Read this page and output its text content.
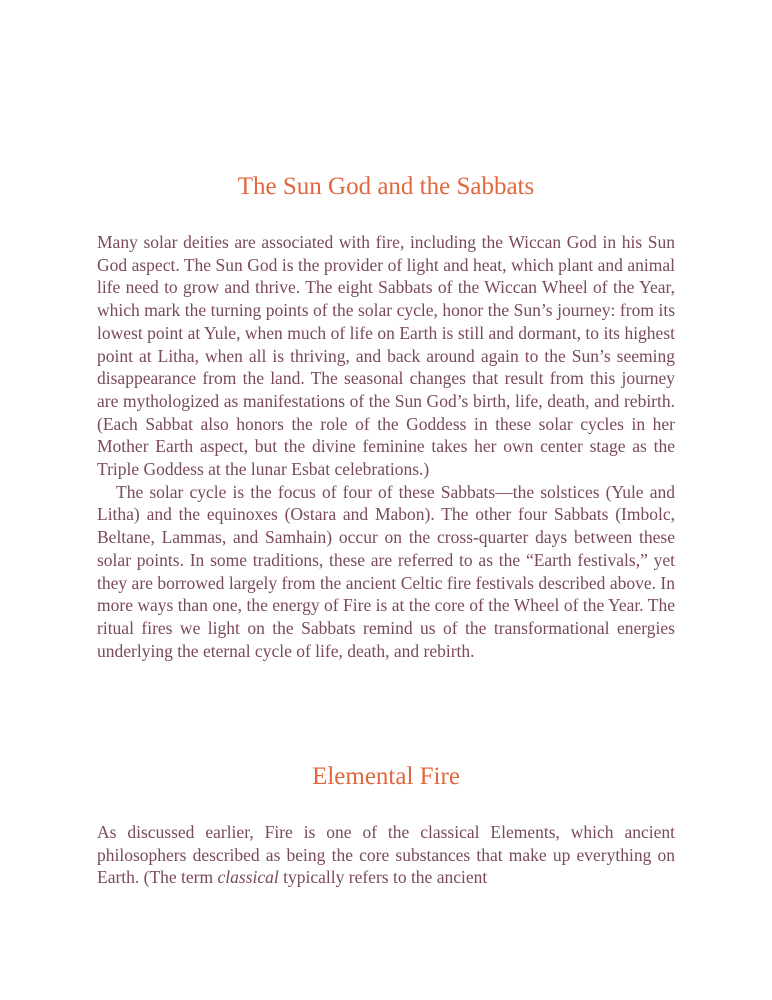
The Sun God and the Sabbats

Many solar deities are associated with fire, including the Wiccan God in his Sun God aspect. The Sun God is the provider of light and heat, which plant and animal life need to grow and thrive. The eight Sabbats of the Wiccan Wheel of the Year, which mark the turning points of the solar cycle, honor the Sun’s journey: from its lowest point at Yule, when much of life on Earth is still and dormant, to its highest point at Litha, when all is thriving, and back around again to the Sun’s seeming disappearance from the land. The seasonal changes that result from this journey are mythologized as manifestations of the Sun God’s birth, life, death, and rebirth. (Each Sabbat also honors the role of the Goddess in these solar cycles in her Mother Earth aspect, but the divine feminine takes her own center stage as the Triple Goddess at the lunar Esbat celebrations.)

The solar cycle is the focus of four of these Sabbats—the solstices (Yule and Litha) and the equinoxes (Ostara and Mabon). The other four Sabbats (Imbolc, Beltane, Lammas, and Samhain) occur on the cross-quarter days between these solar points. In some traditions, these are referred to as the “Earth festivals,” yet they are borrowed largely from the ancient Celtic fire festivals described above. In more ways than one, the energy of Fire is at the core of the Wheel of the Year. The ritual fires we light on the Sabbats remind us of the transformational energies underlying the eternal cycle of life, death, and rebirth.

Elemental Fire

As discussed earlier, Fire is one of the classical Elements, which ancient philosophers described as being the core substances that make up everything on Earth. (The term classical typically refers to the ancient
